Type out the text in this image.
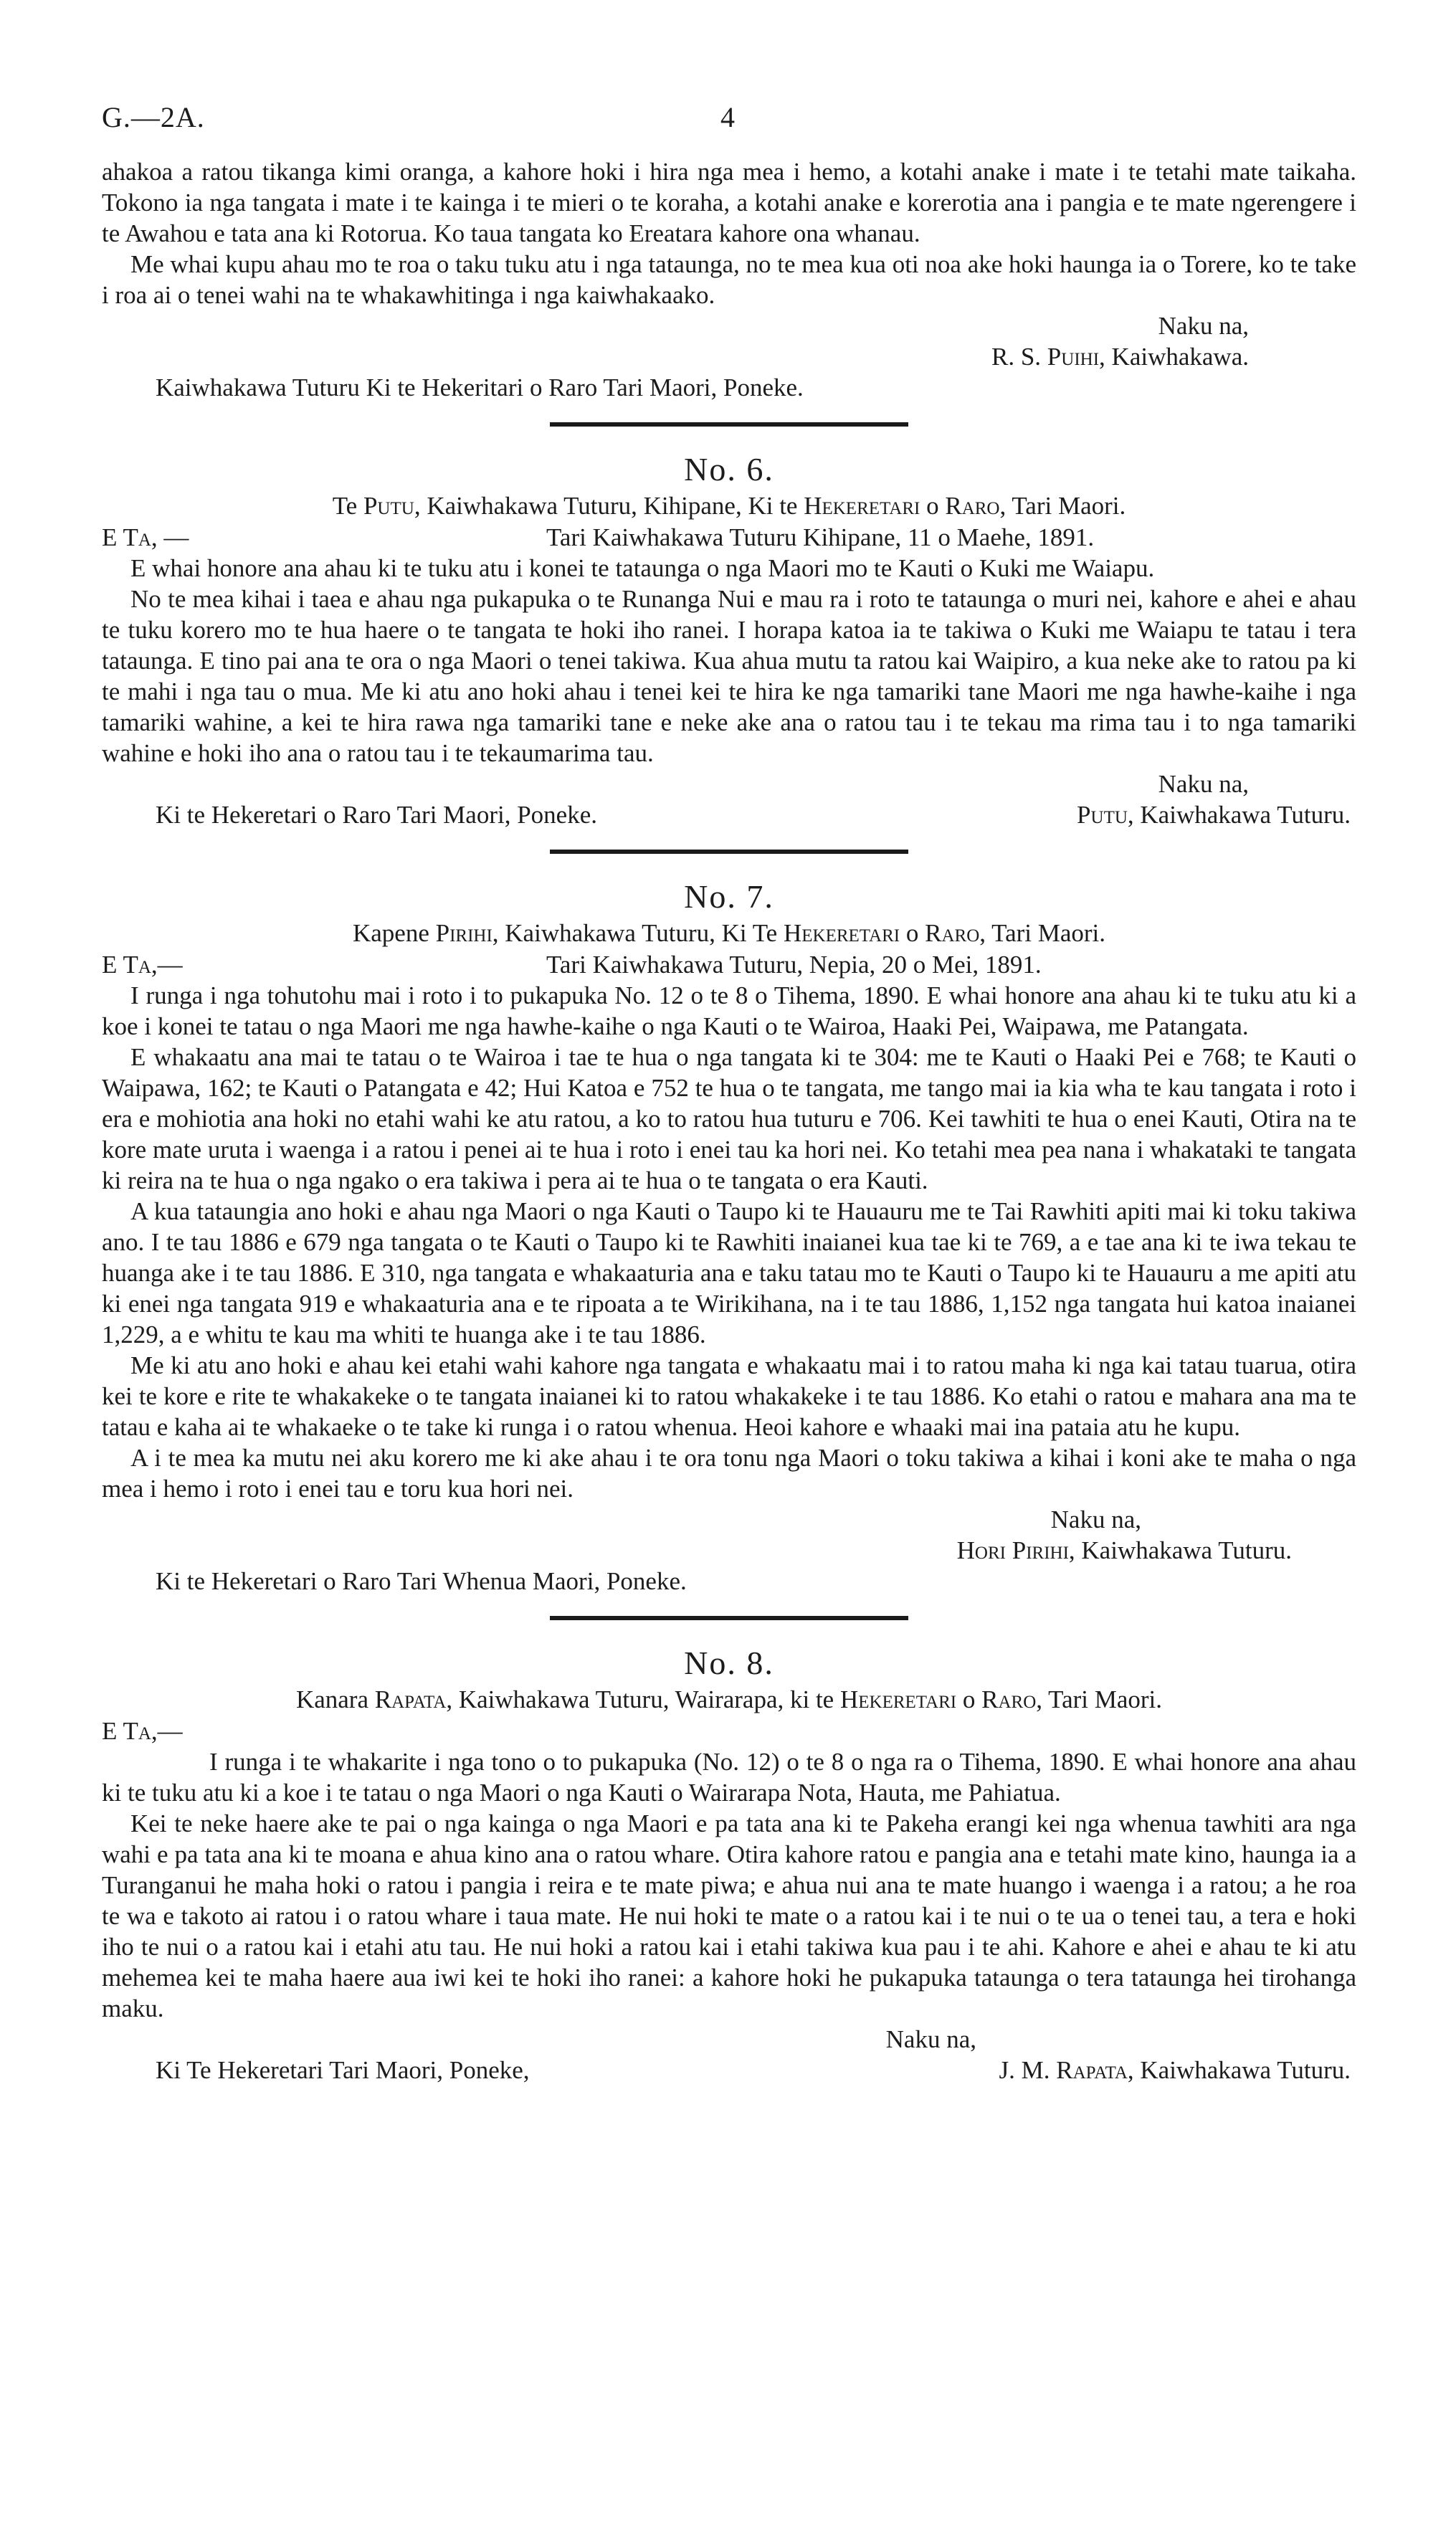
G.—2A.	4

ahakoa a ratou tikanga kimi oranga, a kahore hoki i hira nga mea i hemo, a kotahi anake i mate i te tetahi mate taikaha. Tokono ia nga tangata i mate i te kainga i te mieri o te koraha, a kotahi anake e korerotia ana i pangia e te mate ngerengere i te Awahou e tata ana ki Rotorua. Ko taua tangata ko Ereatara kahore ona whanau.

Me whai kupu ahau mo te roa o taku tuku atu i nga tataunga, no te mea kua oti noa ake hoki haunga ia o Torere, ko te take i roa ai o tenei wahi na te whakawhitinga i nga kaiwhakaako.

Naku na,

R. S. Puihi, Kaiwhakawa.

Kaiwhakawa Tuturu Ki te Hekeritari o Raro Tari Maori, Poneke.

No. 6.
Te Putu, Kaiwhakawa Tuturu, Kihipane, Ki te Hekeretari o Raro, Tari Maori.
E Ta, —	Tari Kaiwhakawa Tuturu Kihipane, 11 o Maehe, 1891.

E whai honore ana ahau ki te tuku atu i konei te tataunga o nga Maori mo te Kauti o Kuki me Waiapu.

No te mea kihai i taea e ahau nga pukapuka o te Runanga Nui e mau ra i roto te tataunga o muri nei, kahore e ahei e ahau te tuku korero mo te hua haere o te tangata te hoki iho ranei. I horapa katoa ia te takiwa o Kuki me Waiapu te tatau i tera tataunga. E tino pai ana te ora o nga Maori o tenei takiwa. Kua ahua mutu ta ratou kai Waipiro, a kua neke ake to ratou pa ki te mahi i nga tau o mua. Me ki atu ano hoki ahau i tenei kei te hira ke nga tamariki tane Maori me nga hawhe-kaihe i nga tamariki wahine, a kei te hira rawa nga tamariki tane e neke ake ana o ratou tau i te tekau ma rima tau i to nga tamariki wahine e hoki iho ana o ratou tau i te tekaumarima tau.

Naku na,

Ki te Hekeretari o Raro Tari Maori, Poneke.	Putu, Kaiwhakawa Tuturu.
No. 7.
Kapene Pirihi, Kaiwhakawa Tuturu, Ki Te Hekeretari o Raro, Tari Maori.
E Ta,—	Tari Kaiwhakawa Tuturu, Nepia, 20 o Mei, 1891.

I runga i nga tohutohu mai i roto i to pukapuka No. 12 o te 8 o Tihema, 1890. E whai honore ana ahau ki te tuku atu ki a koe i konei te tatau o nga Maori me nga hawhe-kaihe o nga Kauti o te Wairoa, Haaki Pei, Waipawa, me Patangata.

E whakaatu ana mai te tatau o te Wairoa i tae te hua o nga tangata ki te 304: me te Kauti o Haaki Pei e 768; te Kauti o Waipawa, 162; te Kauti o Patangata e 42; Hui Katoa e 752 te hua o te tangata, me tango mai ia kia wha te kau tangata i roto i era e mohiotia ana hoki no etahi wahi ke atu ratou, a ko to ratou hua tuturu e 706. Kei tawhiti te hua o enei Kauti, Otira na te kore mate uruta i waenga i a ratou i penei ai te hua i roto i enei tau ka hori nei. Ko tetahi mea pea nana i whakataki te tangata ki reira na te hua o nga ngako o era takiwa i pera ai te hua o te tangata o era Kauti.

A kua tataungia ano hoki e ahau nga Maori o nga Kauti o Taupo ki te Hauauru me te Tai Rawhiti apiti mai ki toku takiwa ano. I te tau 1886 e 679 nga tangata o te Kauti o Taupo ki te Rawhiti inaianei kua tae ki te 769, a e tae ana ki te iwa tekau te huanga ake i te tau 1886. E 310, nga tangata e whakaaturia ana e taku tatau mo te Kauti o Taupo ki te Hauauru a me apiti atu ki enei nga tangata 919 e whakaaturia ana e te ripoata a te Wirikihana, na i te tau 1886, 1,152 nga tangata hui katoa inaianei 1,229, a e whitu te kau ma whiti te huanga ake i te tau 1886.

Me ki atu ano hoki e ahau kei etahi wahi kahore nga tangata e whakaatu mai i to ratou maha ki nga kai tatau tuarua, otira kei te kore e rite te whakakeke o te tangata inaianei ki to ratou whakakeke i te tau 1886. Ko etahi o ratou e mahara ana ma te tatau e kaha ai te whakaeke o te take ki runga i o ratou whenua. Heoi kahore e whaaki mai ina pataia atu he kupu.

A i te mea ka mutu nei aku korero me ki ake ahau i te ora tonu nga Maori o toku takiwa a kihai i koni ake te maha o nga mea i hemo i roto i enei tau e toru kua hori nei.

Naku na,

Hori Pirihi, Kaiwhakawa Tuturu.

Ki te Hekeretari o Raro Tari Whenua Maori, Poneke.

No. 8.
Kanara Rapata, Kaiwhakawa Tuturu, Wairarapa, ki te Hekeretari o Raro, Tari Maori.

E Ta,—

I runga i te whakarite i nga tono o to pukapuka (No. 12) o te 8 o nga ra o Tihema, 1890. E whai honore ana ahau ki te tuku atu ki a koe i te tatau o nga Maori o nga Kauti o Wairarapa Nota, Hauta, me Pahiatua.

Kei te neke haere ake te pai o nga kainga o nga Maori e pa tata ana ki te Pakeha erangi kei nga whenua tawhiti ara nga wahi e pa tata ana ki te moana e ahua kino ana o ratou whare. Otira kahore ratou e pangia ana e tetahi mate kino, haunga ia a Turanganui he maha hoki o ratou i pangia i reira e te mate piwa; e ahua nui ana te mate huango i waenga i a ratou; a he roa te wa e takoto ai ratou i o ratou whare i taua mate. He nui hoki te mate o a ratou kai i te nui o te ua o tenei tau, a tera e hoki iho te nui o a ratou kai i etahi atu tau. He nui hoki a ratou kai i etahi takiwa kua pau i te ahi. Kahore e ahei e ahau te ki atu mehemea kei te maha haere aua iwi kei te hoki iho ranei: a kahore hoki he pukapuka tataunga o tera tataunga hei tirohanga maku.

Naku na,

Ki Te Hekeretari Tari Maori, Poneke,	J. M. Rapata, Kaiwhakawa Tuturu.
